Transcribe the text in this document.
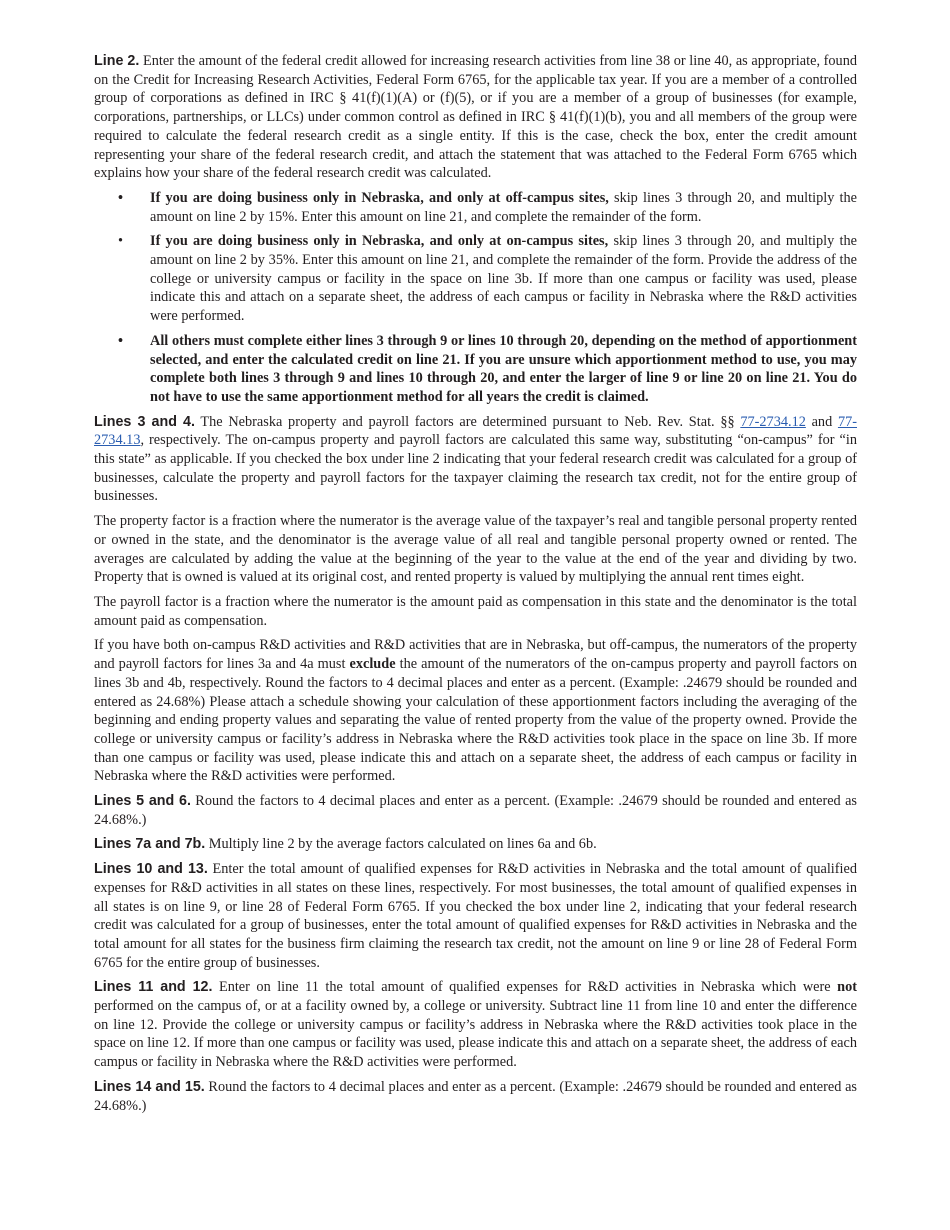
Line 2. Enter the amount of the federal credit allowed for increasing research activities from line 38 or line 40, as appropriate, found on the Credit for Increasing Research Activities, Federal Form 6765, for the applicable tax year. If you are a member of a controlled group of corporations as defined in IRC § 41(f)(1)(A) or (f)(5), or if you are a member of a group of businesses (for example, corporations, partnerships, or LLCs) under common control as defined in IRC § 41(f)(1)(b), you and all members of the group were required to calculate the federal research credit as a single entity. If this is the case, check the box, enter the credit amount representing your share of the federal research credit, and attach the statement that was attached to the Federal Form 6765 which explains how your share of the federal research credit was calculated.

• If you are doing business only in Nebraska, and only at off-campus sites, skip lines 3 through 20, and multiply the amount on line 2 by 15%. Enter this amount on line 21, and complete the remainder of the form.
• If you are doing business only in Nebraska, and only at on-campus sites, skip lines 3 through 20, and multiply the amount on line 2 by 35%. Enter this amount on line 21, and complete the remainder of the form. Provide the address of the college or university campus or facility in the space on line 3b. If more than one campus or facility was used, please indicate this and attach on a separate sheet, the address of each campus or facility in Nebraska where the R&D activities were performed.
• All others must complete either lines 3 through 9 or lines 10 through 20, depending on the method of apportionment selected, and enter the calculated credit on line 21. If you are unsure which apportionment method to use, you may complete both lines 3 through 9 and lines 10 through 20, and enter the larger of line 9 or line 20 on line 21. You do not have to use the same apportionment method for all years the credit is claimed.

Lines 3 and 4. The Nebraska property and payroll factors are determined pursuant to Neb. Rev. Stat. §§ 77-2734.12 and 77-2734.13, respectively. The on-campus property and payroll factors are calculated this same way, substituting “on-campus” for “in this state” as applicable. If you checked the box under line 2 indicating that your federal research credit was calculated for a group of businesses, calculate the property and payroll factors for the taxpayer claiming the research tax credit, not for the entire group of businesses.

The property factor is a fraction where the numerator is the average value of the taxpayer’s real and tangible personal property rented or owned in the state, and the denominator is the average value of all real and tangible personal property owned or rented. The averages are calculated by adding the value at the beginning of the year to the value at the end of the year and dividing by two. Property that is owned is valued at its original cost, and rented property is valued by multiplying the annual rent times eight.

The payroll factor is a fraction where the numerator is the amount paid as compensation in this state and the denominator is the total amount paid as compensation.

If you have both on-campus R&D activities and R&D activities that are in Nebraska, but off-campus, the numerators of the property and payroll factors for lines 3a and 4a must exclude the amount of the numerators of the on-campus property and payroll factors on lines 3b and 4b, respectively. Round the factors to 4 decimal places and enter as a percent. (Example: .24679 should be rounded and entered as 24.68%) Please attach a schedule showing your calculation of these apportionment factors including the averaging of the beginning and ending property values and separating the value of rented property from the value of the property owned. Provide the college or university campus or facility’s address in Nebraska where the R&D activities took place in the space on line 3b. If more than one campus or facility was used, please indicate this and attach on a separate sheet, the address of each campus or facility in Nebraska where the R&D activities were performed.

Lines 5 and 6. Round the factors to 4 decimal places and enter as a percent. (Example: .24679 should be rounded and entered as 24.68%.)

Lines 7a and 7b. Multiply line 2 by the average factors calculated on lines 6a and 6b.

Lines 10 and 13. Enter the total amount of qualified expenses for R&D activities in Nebraska and the total amount of qualified expenses for R&D activities in all states on these lines, respectively. For most businesses, the total amount of qualified expenses in all states is on line 9, or line 28 of Federal Form 6765. If you checked the box under line 2, indicating that your federal research credit was calculated for a group of businesses, enter the total amount of qualified expenses for R&D activities in Nebraska and the total amount for all states for the business firm claiming the research tax credit, not the amount on line 9 or line 28 of Federal Form 6765 for the entire group of businesses.

Lines 11 and 12. Enter on line 11 the total amount of qualified expenses for R&D activities in Nebraska which were not performed on the campus of, or at a facility owned by, a college or university. Subtract line 11 from line 10 and enter the difference on line 12. Provide the college or university campus or facility’s address in Nebraska where the R&D activities took place in the space on line 12. If more than one campus or facility was used, please indicate this and attach on a separate sheet, the address of each campus or facility in Nebraska where the R&D activities were performed.

Lines 14 and 15. Round the factors to 4 decimal places and enter as a percent. (Example: .24679 should be rounded and entered as 24.68%.)
